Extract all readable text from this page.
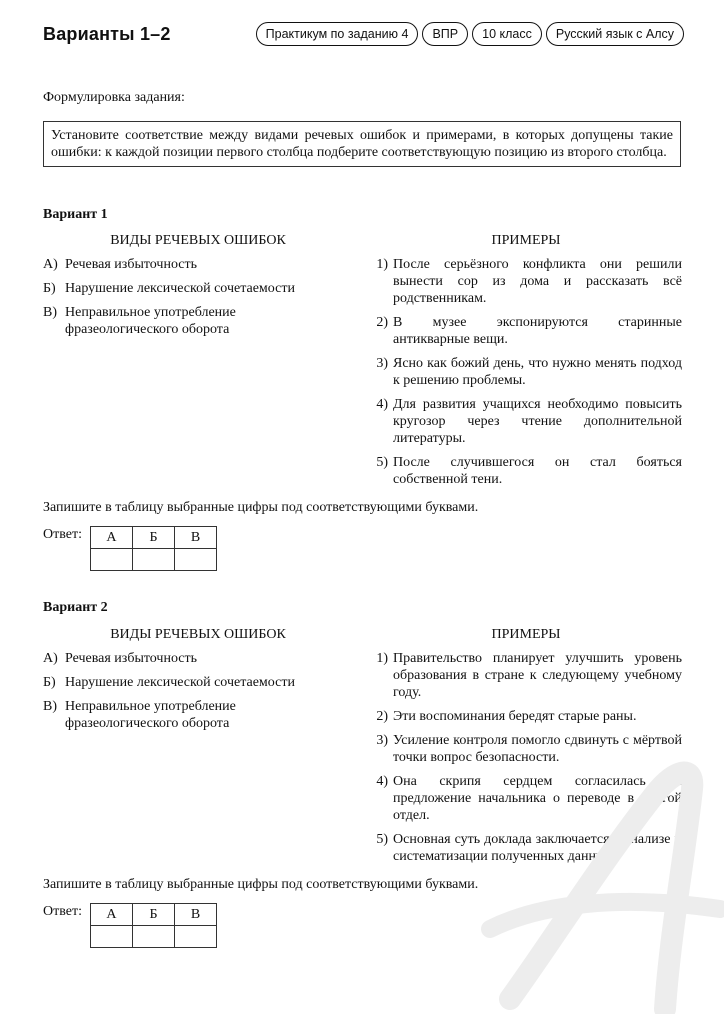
Варианты 1–2	Практикум по заданию 4	ВПР	10 класс	Русский язык с Алсу
Формулировка задания:
Установите соответствие между видами речевых ошибок и примерами, в которых допущены такие ошибки: к каждой позиции первого столбца подберите соответствующую позицию из второго столбца.
Вариант 1
ВИДЫ РЕЧЕВЫХ ОШИБОК
А) Речевая избыточность
Б) Нарушение лексической сочетаемости
В) Неправильное употребление фразеологического оборота
ПРИМЕРЫ
1) После серьёзного конфликта они решили вынести сор из дома и рассказать всё родственникам.
2) В музее экспонируются старинные антикварные вещи.
3) Ясно как божий день, что нужно менять подход к решению проблемы.
4) Для развития учащихся необходимо повысить кругозор через чтение дополнительной литературы.
5) После случившегося он стал бояться собственной тени.
Запишите в таблицу выбранные цифры под соответствующими буквами.
Ответ: А	Б	В

Вариант 2
ВИДЫ РЕЧЕВЫХ ОШИБОК
А) Речевая избыточность
Б) Нарушение лексической сочетаемости
В) Неправильное употребление фразеологического оборота
ПРИМЕРЫ
1) Правительство планирует улучшить уровень образования в стране к следующему учебному году.
2) Эти воспоминания бередят старые раны.
3) Усиление контроля помогло сдвинуть с мёртвой точки вопрос безопасности.
4) Она скрипя сердцем согласилась на предложение начальника о переводе в другой отдел.
5) Основная суть доклада заключается в анализе и систематизации полученных данных.
Запишите в таблицу выбранные цифры под соответствующими буквами.
Ответ: А	Б	В
